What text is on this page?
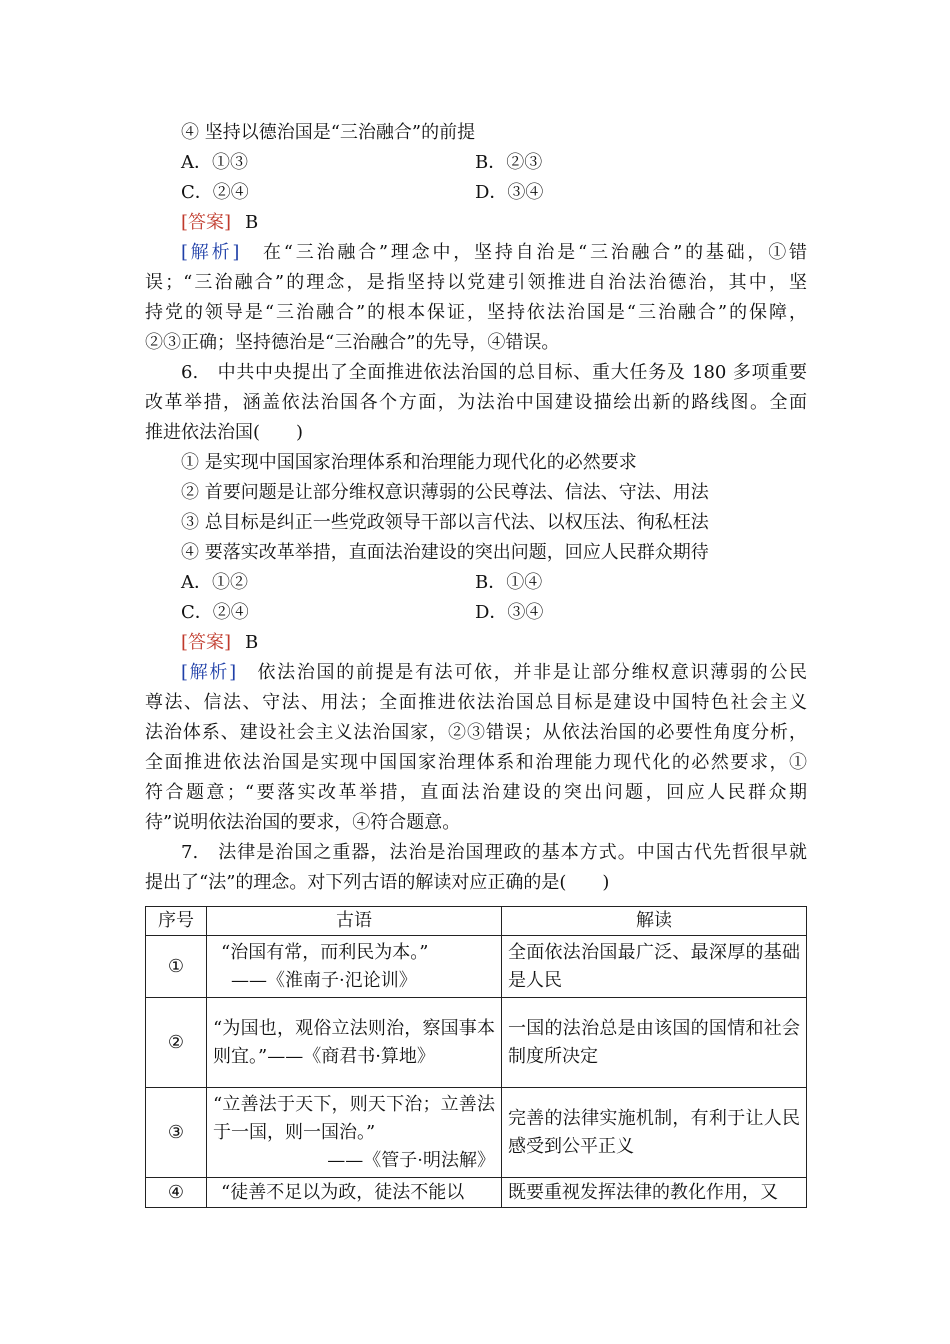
④ 坚持以德治国是“三治融合”的前提
A．①③	B．②③
C．②④	D．③④
[答案] B
[解析]　 在“三治融合”理念中，坚持自治是“三治融合”的基础，①错
误；“三治融合”的理念，是指坚持以党建引领推进自治法治德治，其中，坚
持党的领导是“三治融合”的根本保证，坚持依法治国是“三治融合”的保障，
②③正确；坚持德治是“三治融合”的先导，④错误。
6.　中共中央提出了全面推进依法治国的总目标、重大任务及 180 多项重要
改革举措，涵盖依法治国各个方面，为法治中国建设描绘出新的路线图。全面
推进依法治国(　　)
① 是实现中国国家治理体系和治理能力现代化的必然要求
② 首要问题是让部分维权意识薄弱的公民尊法、信法、守法、用法
③ 总目标是纠正一些党政领导干部以言代法、以权压法、徇私枉法
④ 要落实改革举措，直面法治建设的突出问题，回应人民群众期待
A．①②	B．①④
C．②④	D．③④
[答案] B
[解析]　 依法治国的前提是有法可依，并非是让部分维权意识薄弱的公民
尊法、信法、守法、用法；全面推进依法治国总目标是建设中国特色社会主义
法治体系、建设社会主义法治国家，②③错误；从依法治国的必要性角度分析，
全面推进依法治国是实现中国国家治理体系和治理能力现代化的必然要求，①
符合题意；“要落实改革举措，直面法治建设的突出问题，回应人民群众期
待”说明依法治国的要求，④符合题意。
7.　法律是治国之重器，法治是治国理政的基本方式。中国古代先哲很早就
提出了“法”的理念。对下列古语的解读对应正确的是(　　)
序号	古语	解读
①	“治国有常，而利民为本。”
——《淮南子·氾论训》	全面依法治国最广泛、最深厚的基础是人民
②	“为国也，观俗立法则治，察国事本则宜。”——《商君书·算地》	一国的法治总是由该国的国情和社会制度所决定
③	“立善法于天下，则天下治；立善法于一国，则一国治。”
——《管子·明法解》	完善的法律实施机制，有利于让人民感受到公平正义
④	“徒善不足以为政，徒法不能以	既要重视发挥法律的教化作用，又
